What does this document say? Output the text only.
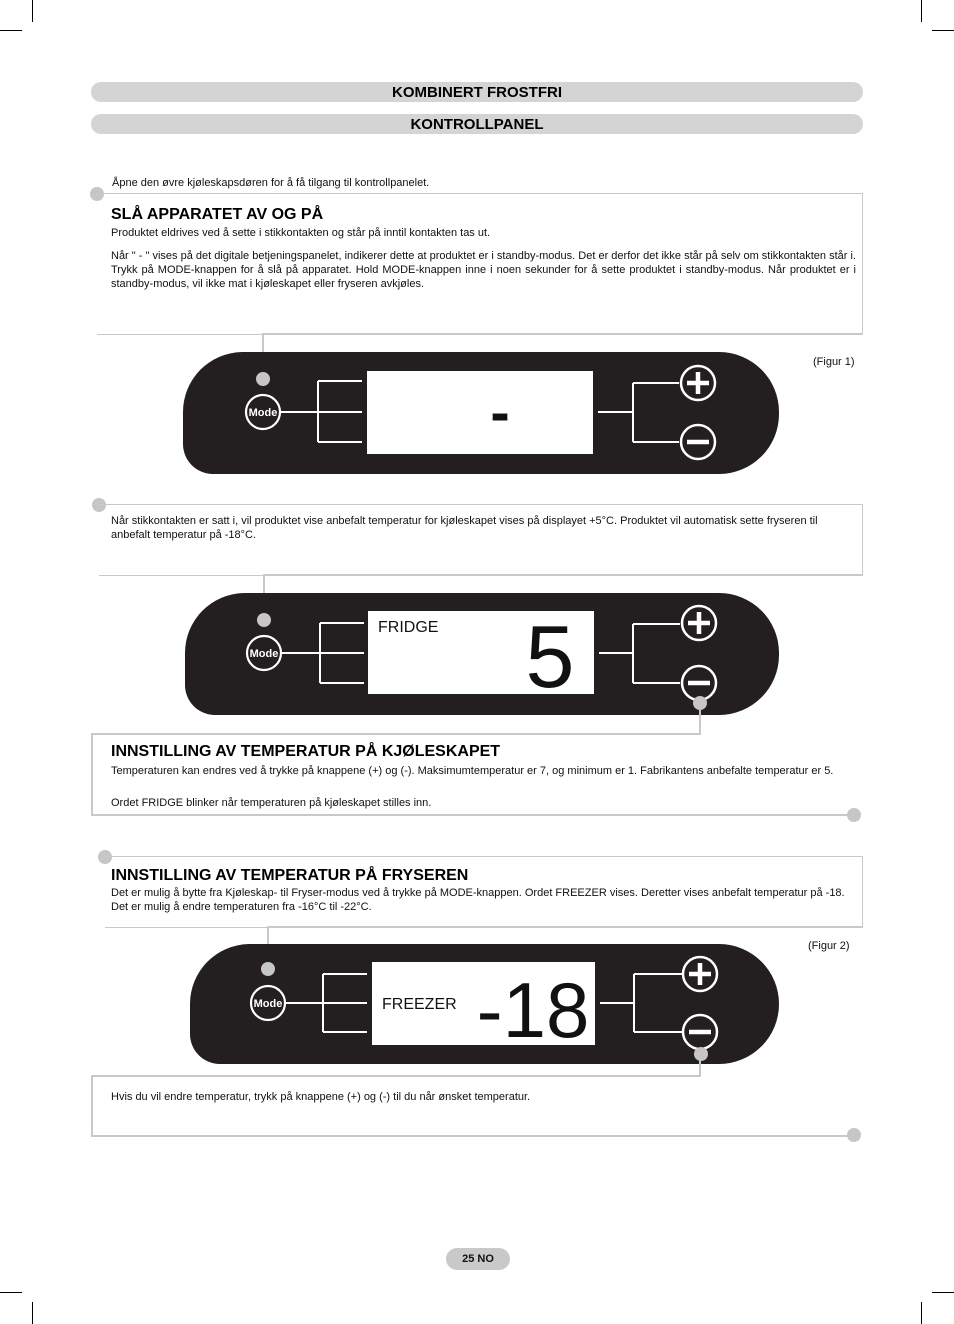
KOMBINERT FROSTFRI
KONTROLLPANEL
Åpne den øvre kjøleskapsdøren for å få tilgang til kontrollpanelet.
SLÅ APPARATET AV OG PÅ
Produktet eldrives ved å sette i stikkontakten og står på inntil kontakten tas ut.
Når " - " vises på det digitale betjeningspanelet, indikerer dette at produktet er i standby-modus. Det er derfor det ikke står på selv om stikkontakten står i. Trykk på MODE-knappen for å slå på apparatet. Hold MODE-knappen inne i noen sekunder for å sette produktet i standby-modus. Når produktet er i standby-modus, vil ikke mat i kjøleskapet eller fryseren avkjøles.
(Figur 1)
Mode	-
Når stikkontakten er satt i, vil produktet vise anbefalt temperatur for kjøleskapet vises på displayet +5°C. Produktet vil automatisk sette fryseren til anbefalt temperatur på -18°C.
Mode
FRIDGE 5
INNSTILLING AV TEMPERATUR PÅ KJØLESKAPET
Temperaturen kan endres ved å trykke på knappene (+) og (-). Maksimumtemperatur er 7, og minimum er 1. Fabrikantens anbefalte temperatur er 5.
Ordet FRIDGE blinker når temperaturen på kjøleskapet stilles inn.
INNSTILLING AV TEMPERATUR PÅ FRYSEREN
Det er mulig å bytte fra Kjøleskap- til Fryser-modus ved å trykke på MODE-knappen. Ordet FREEZER vises. Deretter vises anbefalt temperatur på -18. Det er mulig å endre temperaturen fra -16°C til -22°C.
(Figur 2)
Mode	FREEZER -18
Hvis du vil endre temperatur, trykk på knappene (+) og (-) til du når ønsket temperatur.
25 NO
